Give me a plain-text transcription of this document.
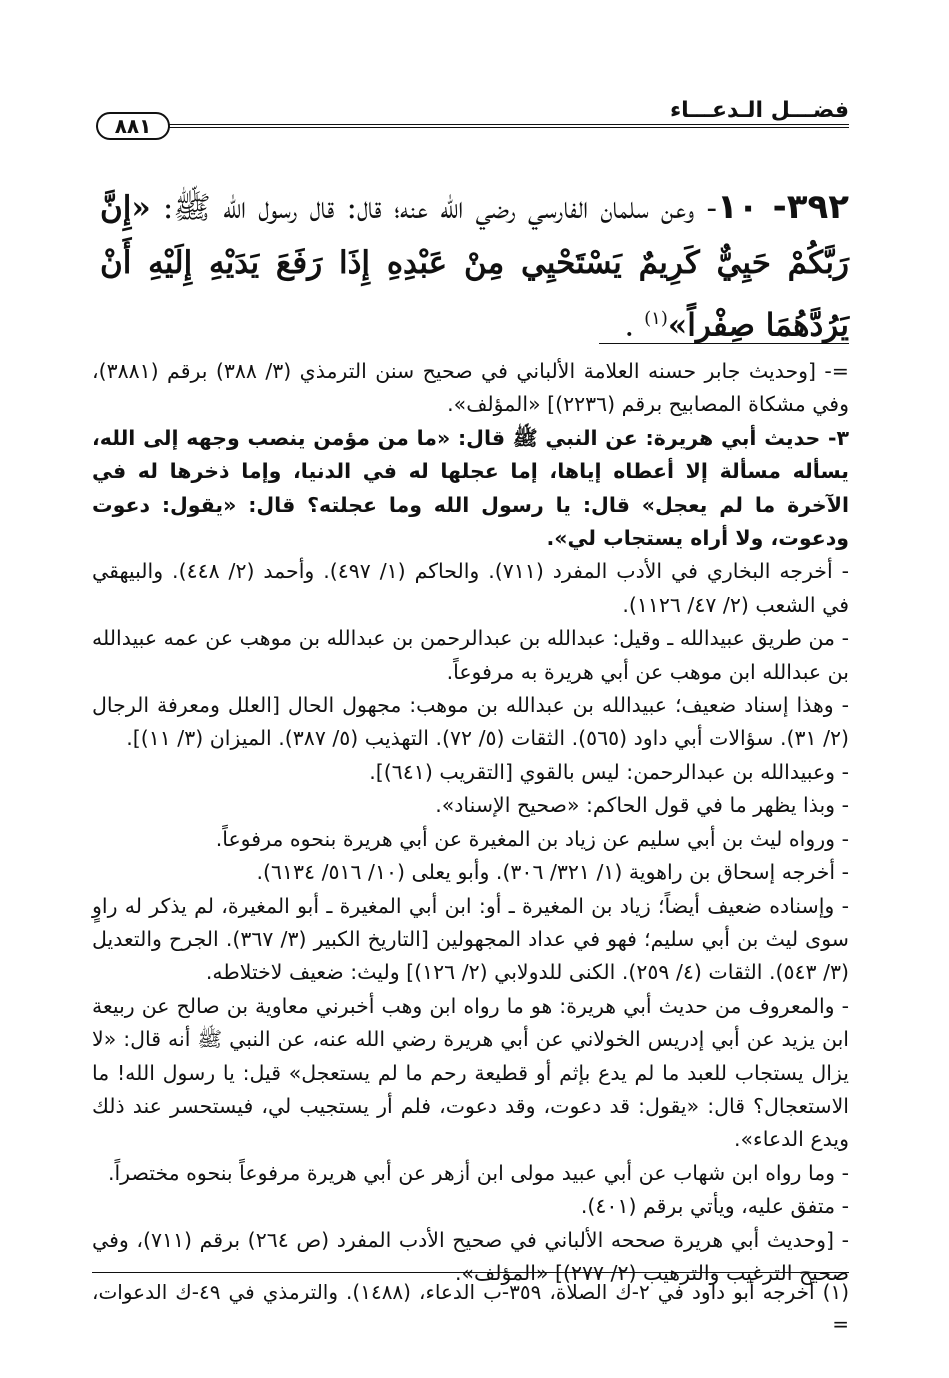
فضـــل الـدعـــاء
٨٨١
٣٩٢- ١٠- وعن سلمان الفارسي رضي الله عنه؛ قال: قال رسول الله ﷺ: «إِنَّ رَبَّكُمْ حَيِيٌّ كَرِيمٌ يَسْتَحْيِي مِنْ عَبْدِهِ إِذَا رَفَعَ يَدَيْهِ إِلَيْهِ أَنْ يَرُدَّهُمَا صِفْراً»$^{(١)}$ .

=- [وحديث جابر حسنه العلامة الألباني في صحيح سنن الترمذي (٣/ ٣٨٨) برقم (٣٨٨١)، وفي مشكاة المصابيح برقم (٢٢٣٦)] «المؤلف».

٣- حديث أبي هريرة: عن النبي ﷺ قال: «ما من مؤمن ينصب وجهه إلى الله، يسأله مسألة إلا أعطاه إياها، إما عجلها له في الدنيا، وإما ذخرها له في الآخرة ما لم يعجل» قال: يا رسول الله وما عجلته؟ قال: «يقول: دعوت ودعوت، ولا أراه يستجاب لي».

- أخرجه البخاري في الأدب المفرد (٧١١). والحاكم (١/ ٤٩٧). وأحمد (٢/ ٤٤٨). والبيهقي في الشعب (٢/ ٤٧/ ١١٢٦).

- من طريق عبيدالله ـ وقيل: عبدالله بن عبدالرحمن بن عبدالله بن موهب عن عمه عبيدالله بن عبدالله ابن موهب عن أبي هريرة به مرفوعاً.

- وهذا إسناد ضعيف؛ عبيدالله بن عبدالله بن موهب: مجهول الحال [العلل ومعرفة الرجال (٢/ ٣١). سؤالات أبي داود (٥٦٥). الثقات (٥/ ٧٢). التهذيب (٥/ ٣٨٧). الميزان (٣/ ١١)].

- وعبيدالله بن عبدالرحمن: ليس بالقوي [التقريب (٦٤١)].

- وبذا يظهر ما في قول الحاكم: «صحيح الإسناد».

- ورواه ليث بن أبي سليم عن زياد بن المغيرة عن أبي هريرة بنحوه مرفوعاً.

- أخرجه إسحاق بن راهوية (١/ ٣٢١/ ٣٠٦). وأبو يعلى (١٠/ ٥١٦/ ٦١٣٤).

- وإسناده ضعيف أيضاً؛ زياد بن المغيرة ـ أو: ابن أبي المغيرة ـ أبو المغيرة، لم يذكر له راوٍ سوى ليث بن أبي سليم؛ فهو في عداد المجهولين [التاريخ الكبير (٣/ ٣٦٧). الجرح والتعديل (٣/ ٥٤٣). الثقات (٤/ ٢٥٩). الكنى للدولابي (٢/ ١٢٦)] وليث: ضعيف لاختلاطه.

- والمعروف من حديث أبي هريرة: هو ما رواه ابن وهب أخبرني معاوية بن صالح عن ربيعة ابن يزيد عن أبي إدريس الخولاني عن أبي هريرة رضي الله عنه، عن النبي ﷺ أنه قال: «لا يزال يستجاب للعبد ما لم يدع بإثم أو قطيعة رحم ما لم يستعجل» قيل: يا رسول الله! ما الاستعجال؟ قال: «يقول: قد دعوت، وقد دعوت، فلم أر يستجيب لي، فيستحسر عند ذلك ويدع الدعاء».

- وما رواه ابن شهاب عن أبي عبيد مولى ابن أزهر عن أبي هريرة مرفوعاً بنحوه مختصراً.

- متفق عليه، ويأتي برقم (٤٠١).

- [وحديث أبي هريرة صححه الألباني في صحيح الأدب المفرد (ص ٢٦٤) برقم (٧١١)، وفي صحيح الترغيب والترهيب (٢/ ٢٧٧)] «المؤلف».

(١) أخرجه أبو داود في ٢-ك الصلاة، ٣٥٩-ب الدعاء، (١٤٨٨). والترمذي في ٤٩-ك الدعوات، =
